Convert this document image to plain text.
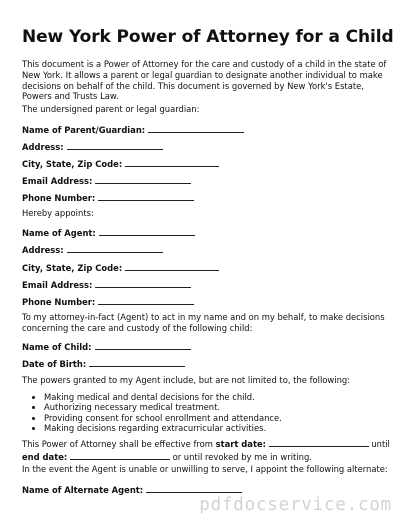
New York Power of Attorney for a Child
This document is a Power of Attorney for the care and custody of a child in the state of New York. It allows a parent or legal guardian to designate another individual to make decisions on behalf of the child. This document is governed by New York's Estate, Powers and Trusts Law.
The undersigned parent or legal guardian:
Name of Parent/Guardian:
Address:
City, State, Zip Code:
Email Address:
Phone Number:
Hereby appoints:
Name of Agent:
Address:
City, State, Zip Code:
Email Address:
Phone Number:
To my attorney-in-fact (Agent) to act in my name and on my behalf, to make decisions concerning the care and custody of the following child:
Name of Child:
Date of Birth:
The powers granted to my Agent include, but are not limited to, the following:
• Making medical and dental decisions for the child.
• Authorizing necessary medical treatment.
• Providing consent for school enrollment and attendance.
• Making decisions regarding extracurricular activities.
This Power of Attorney shall be effective from start date:	until
end date:	or until revoked by me in writing.
In the event the Agent is unable or unwilling to serve, I appoint the following alternate:
Name of Alternate Agent:
pdfdocservice.com
